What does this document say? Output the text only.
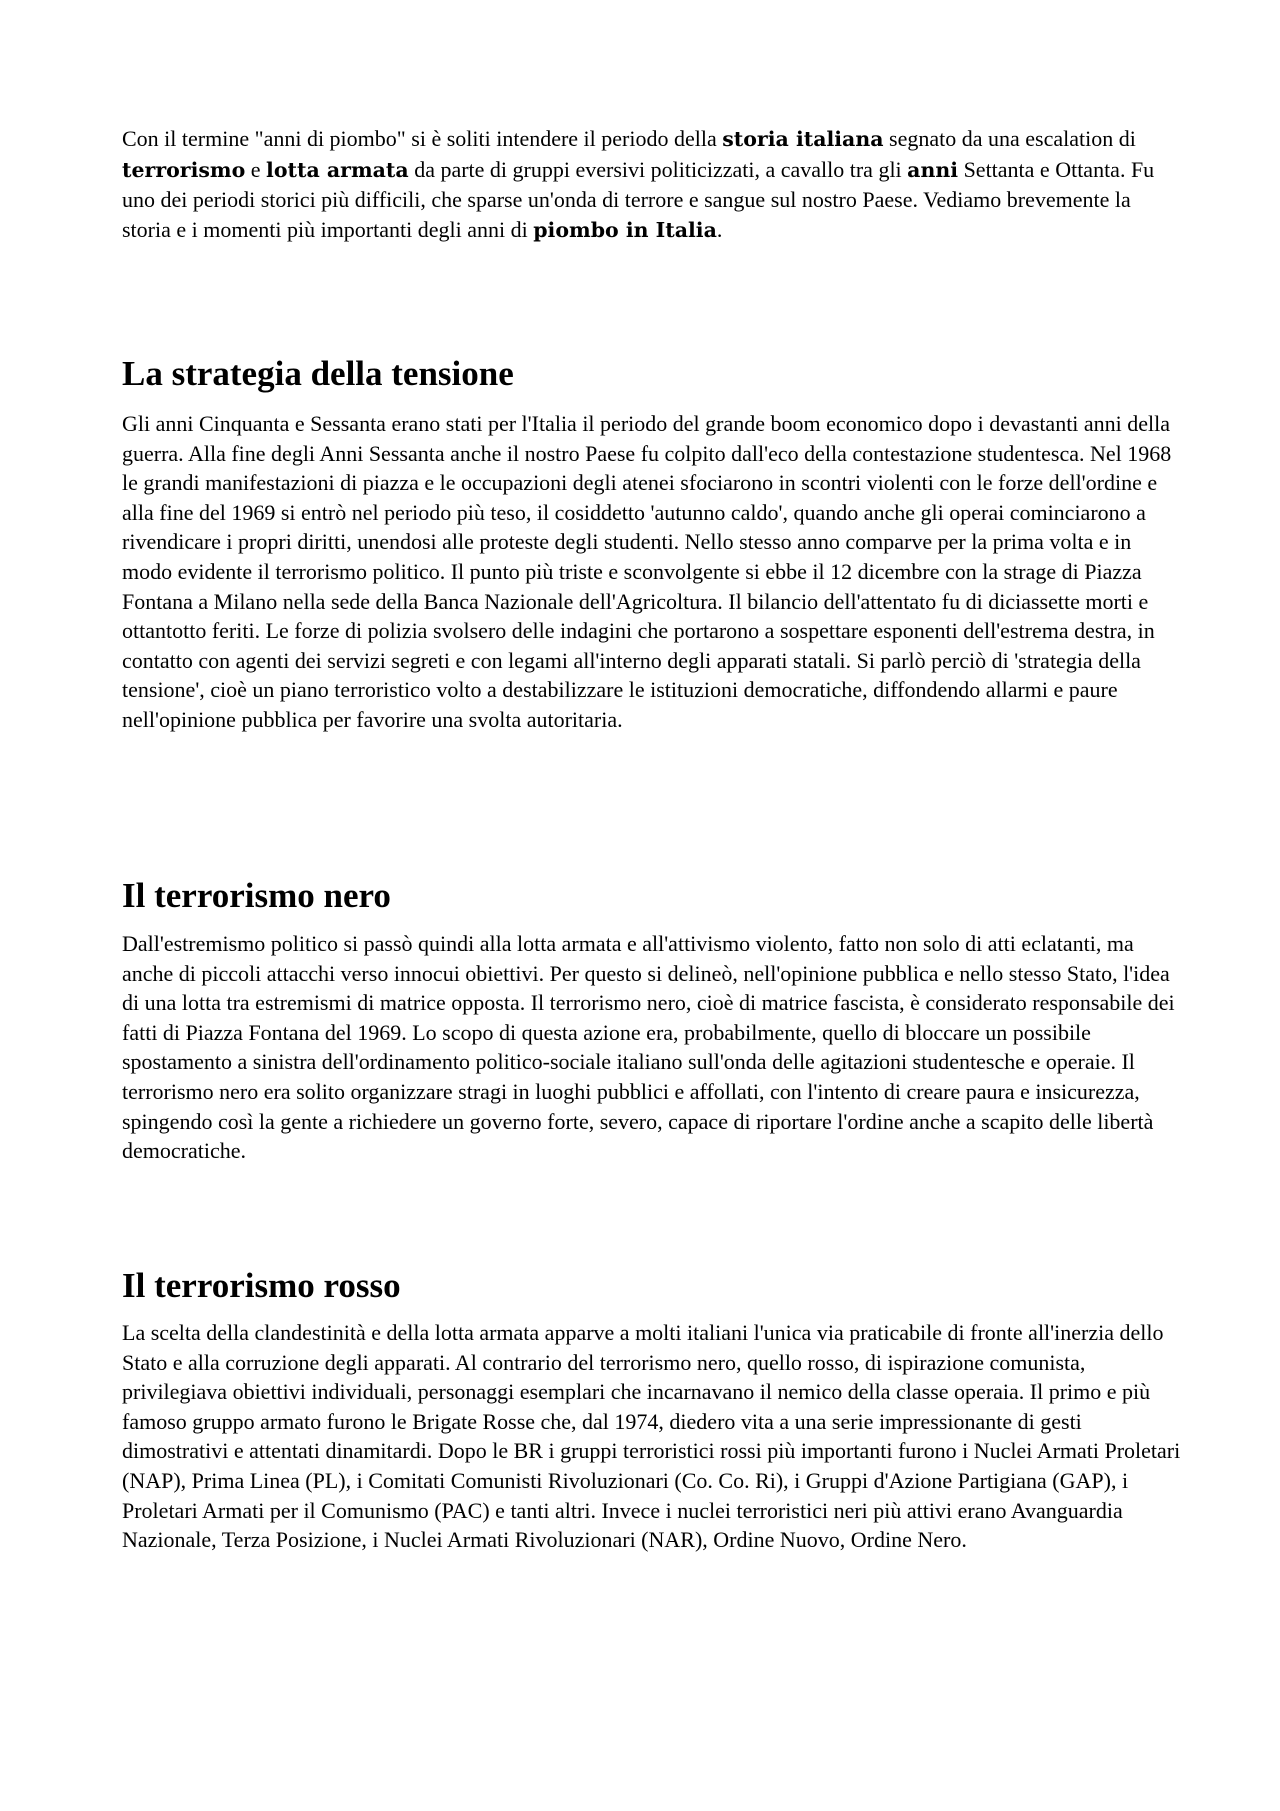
Con il termine "anni di piombo" si è soliti intendere il periodo della storia italiana segnato da una escalation di terrorismo e lotta armata da parte di gruppi eversivi politicizzati, a cavallo tra gli anni Settanta e Ottanta. Fu uno dei periodi storici più difficili, che sparse un'onda di terrore e sangue sul nostro Paese. Vediamo brevemente la storia e i momenti più importanti degli anni di piombo in Italia.

La strategia della tensione

Gli anni Cinquanta e Sessanta erano stati per l'Italia il periodo del grande boom economico dopo i devastanti anni della guerra. Alla fine degli Anni Sessanta anche il nostro Paese fu colpito dall'eco della contestazione studentesca. Nel 1968 le grandi manifestazioni di piazza e le occupazioni degli atenei sfociarono in scontri violenti con le forze dell'ordine e alla fine del 1969 si entrò nel periodo più teso, il cosiddetto 'autunno caldo', quando anche gli operai cominciarono a rivendicare i propri diritti, unendosi alle proteste degli studenti. Nello stesso anno comparve per la prima volta e in modo evidente il terrorismo politico. Il punto più triste e sconvolgente si ebbe il 12 dicembre con la strage di Piazza Fontana a Milano nella sede della Banca Nazionale dell'Agricoltura. Il bilancio dell'attentato fu di diciassette morti e ottantotto feriti. Le forze di polizia svolsero delle indagini che portarono a sospettare esponenti dell'estrema destra, in contatto con agenti dei servizi segreti e con legami all'interno degli apparati statali. Si parlò perciò di 'strategia della tensione', cioè un piano terroristico volto a destabilizzare le istituzioni democratiche, diffondendo allarmi e paure nell'opinione pubblica per favorire una svolta autoritaria.

Il terrorismo nero

Dall'estremismo politico si passò quindi alla lotta armata e all'attivismo violento, fatto non solo di atti eclatanti, ma anche di piccoli attacchi verso innocui obiettivi. Per questo si delineò, nell'opinione pubblica e nello stesso Stato, l'idea di una lotta tra estremismi di matrice opposta. Il terrorismo nero, cioè di matrice fascista, è considerato responsabile dei fatti di Piazza Fontana del 1969. Lo scopo di questa azione era, probabilmente, quello di bloccare un possibile spostamento a sinistra dell'ordinamento politico-sociale italiano sull'onda delle agitazioni studentesche e operaie. Il terrorismo nero era solito organizzare stragi in luoghi pubblici e affollati, con l'intento di creare paura e insicurezza, spingendo così la gente a richiedere un governo forte, severo, capace di riportare l'ordine anche a scapito delle libertà democratiche.

Il terrorismo rosso

La scelta della clandestinità e della lotta armata apparve a molti italiani l'unica via praticabile di fronte all'inerzia dello Stato e alla corruzione degli apparati. Al contrario del terrorismo nero, quello rosso, di ispirazione comunista, privilegiava obiettivi individuali, personaggi esemplari che incarnavano il nemico della classe operaia. Il primo e più famoso gruppo armato furono le Brigate Rosse che, dal 1974, diedero vita a una serie impressionante di gesti dimostrativi e attentati dinamitardi. Dopo le BR i gruppi terroristici rossi più importanti furono i Nuclei Armati Proletari (NAP), Prima Linea (PL), i Comitati Comunisti Rivoluzionari (Co. Co. Ri), i Gruppi d'Azione Partigiana (GAP), i Proletari Armati per il Comunismo (PAC) e tanti altri. Invece i nuclei terroristici neri più attivi erano Avanguardia Nazionale, Terza Posizione, i Nuclei Armati Rivoluzionari (NAR), Ordine Nuovo, Ordine Nero.
